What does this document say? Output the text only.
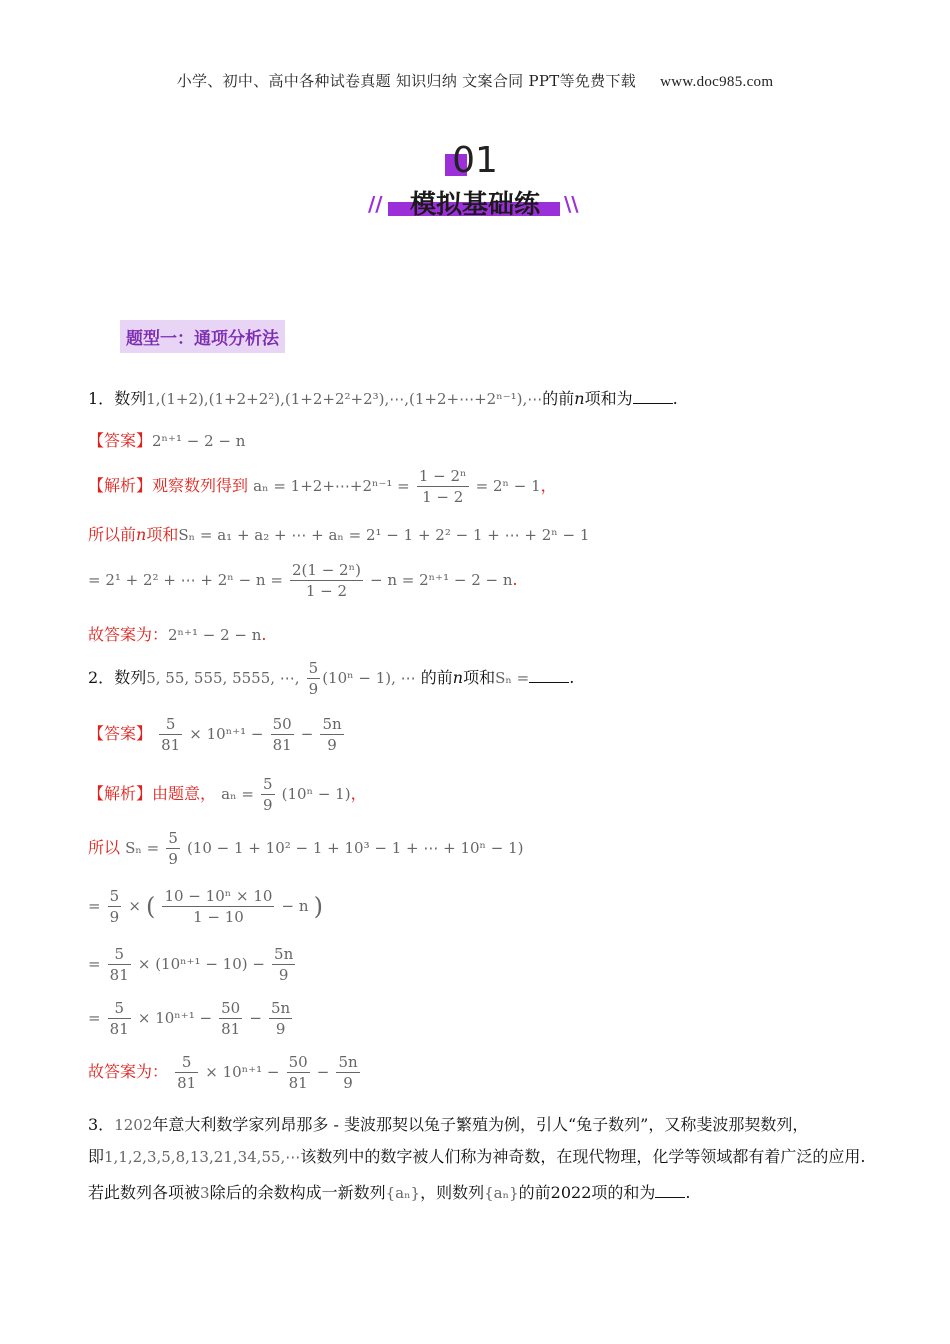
小学、初中、高中各种试卷真题 知识归纳 文案合同 PPT等免费下载 www.doc985.com
01
//	模拟基础练	\\
题型一：通项分析法
1．数列1,(1+2),(1+2+2²),(1+2+2²+2³),⋯,(1+2+⋯+2ⁿ⁻¹),⋯的前n项和为	.
【答案】2ⁿ⁺¹ − 2 − n
【解析】观察数列得到 aₙ = 1+2+⋯+2ⁿ⁻¹ = $\frac{\text{1 − 2ⁿ}}{1 - 2} = 2^n - 1$，
所以前n项和Sₙ = a₁ + a₂ + ⋯ + aₙ = 2¹ − 1 + 2² − 1 + ⋯ + 2ⁿ − 1
= 2¹ + 2² + ⋯ + $2^n - n = \frac{\text{2(1 − 2ⁿ)}}{1 - 2} - n = 2^{n+1} - 2 - n$.
故答案为：2ⁿ⁺¹ − 2 − n.
2．数列5, 55, 555, 5555, ⋯, $\frac{5}{9} (10^n - 1)$, ⋯ 的前n项和Sₙ =	.
【答案】 $\frac{5}{81} \times 10^{n+1} - \frac{50}{81} - \frac{5n}{9}$
【解析】由题意， $a_n = \frac{5}{9} (10^n - 1)$，
所以 $S_n = \frac{5}{9} (10 - 1 + 10^2 - 1 + 10^3 - 1$ + ⋯ + 10ⁿ − 1)
= $\frac{5}{9}$ × ( $\frac{\text{10 − 10ⁿ × 10}}{1 - 10} - n$ )
= $\frac{5}{81} \times (10^{n+1} - 10) - \frac{5n}{9}$
= $\frac{5}{81} \times 10^{n+1} - \frac{50}{81} - \frac{5n}{9}$
故答案为： $\frac{5}{81} \times 10^{n+1} - \frac{50}{81} - \frac{5n}{9}$
3．1202年意大利数学家列昂那多 - 斐波那契以兔子繁殖为例，引人“兔子数列”，又称斐波那契数列，
即1,1,2,3,5,8,13,21,34,55,⋯该数列中的数字被人们称为神奇数，在现代物理，化学等领域都有着广泛的应用.
若此数列各项被3除后的余数构成一新数列{aₙ}，则数列{aₙ}的前2022项的和为 .
